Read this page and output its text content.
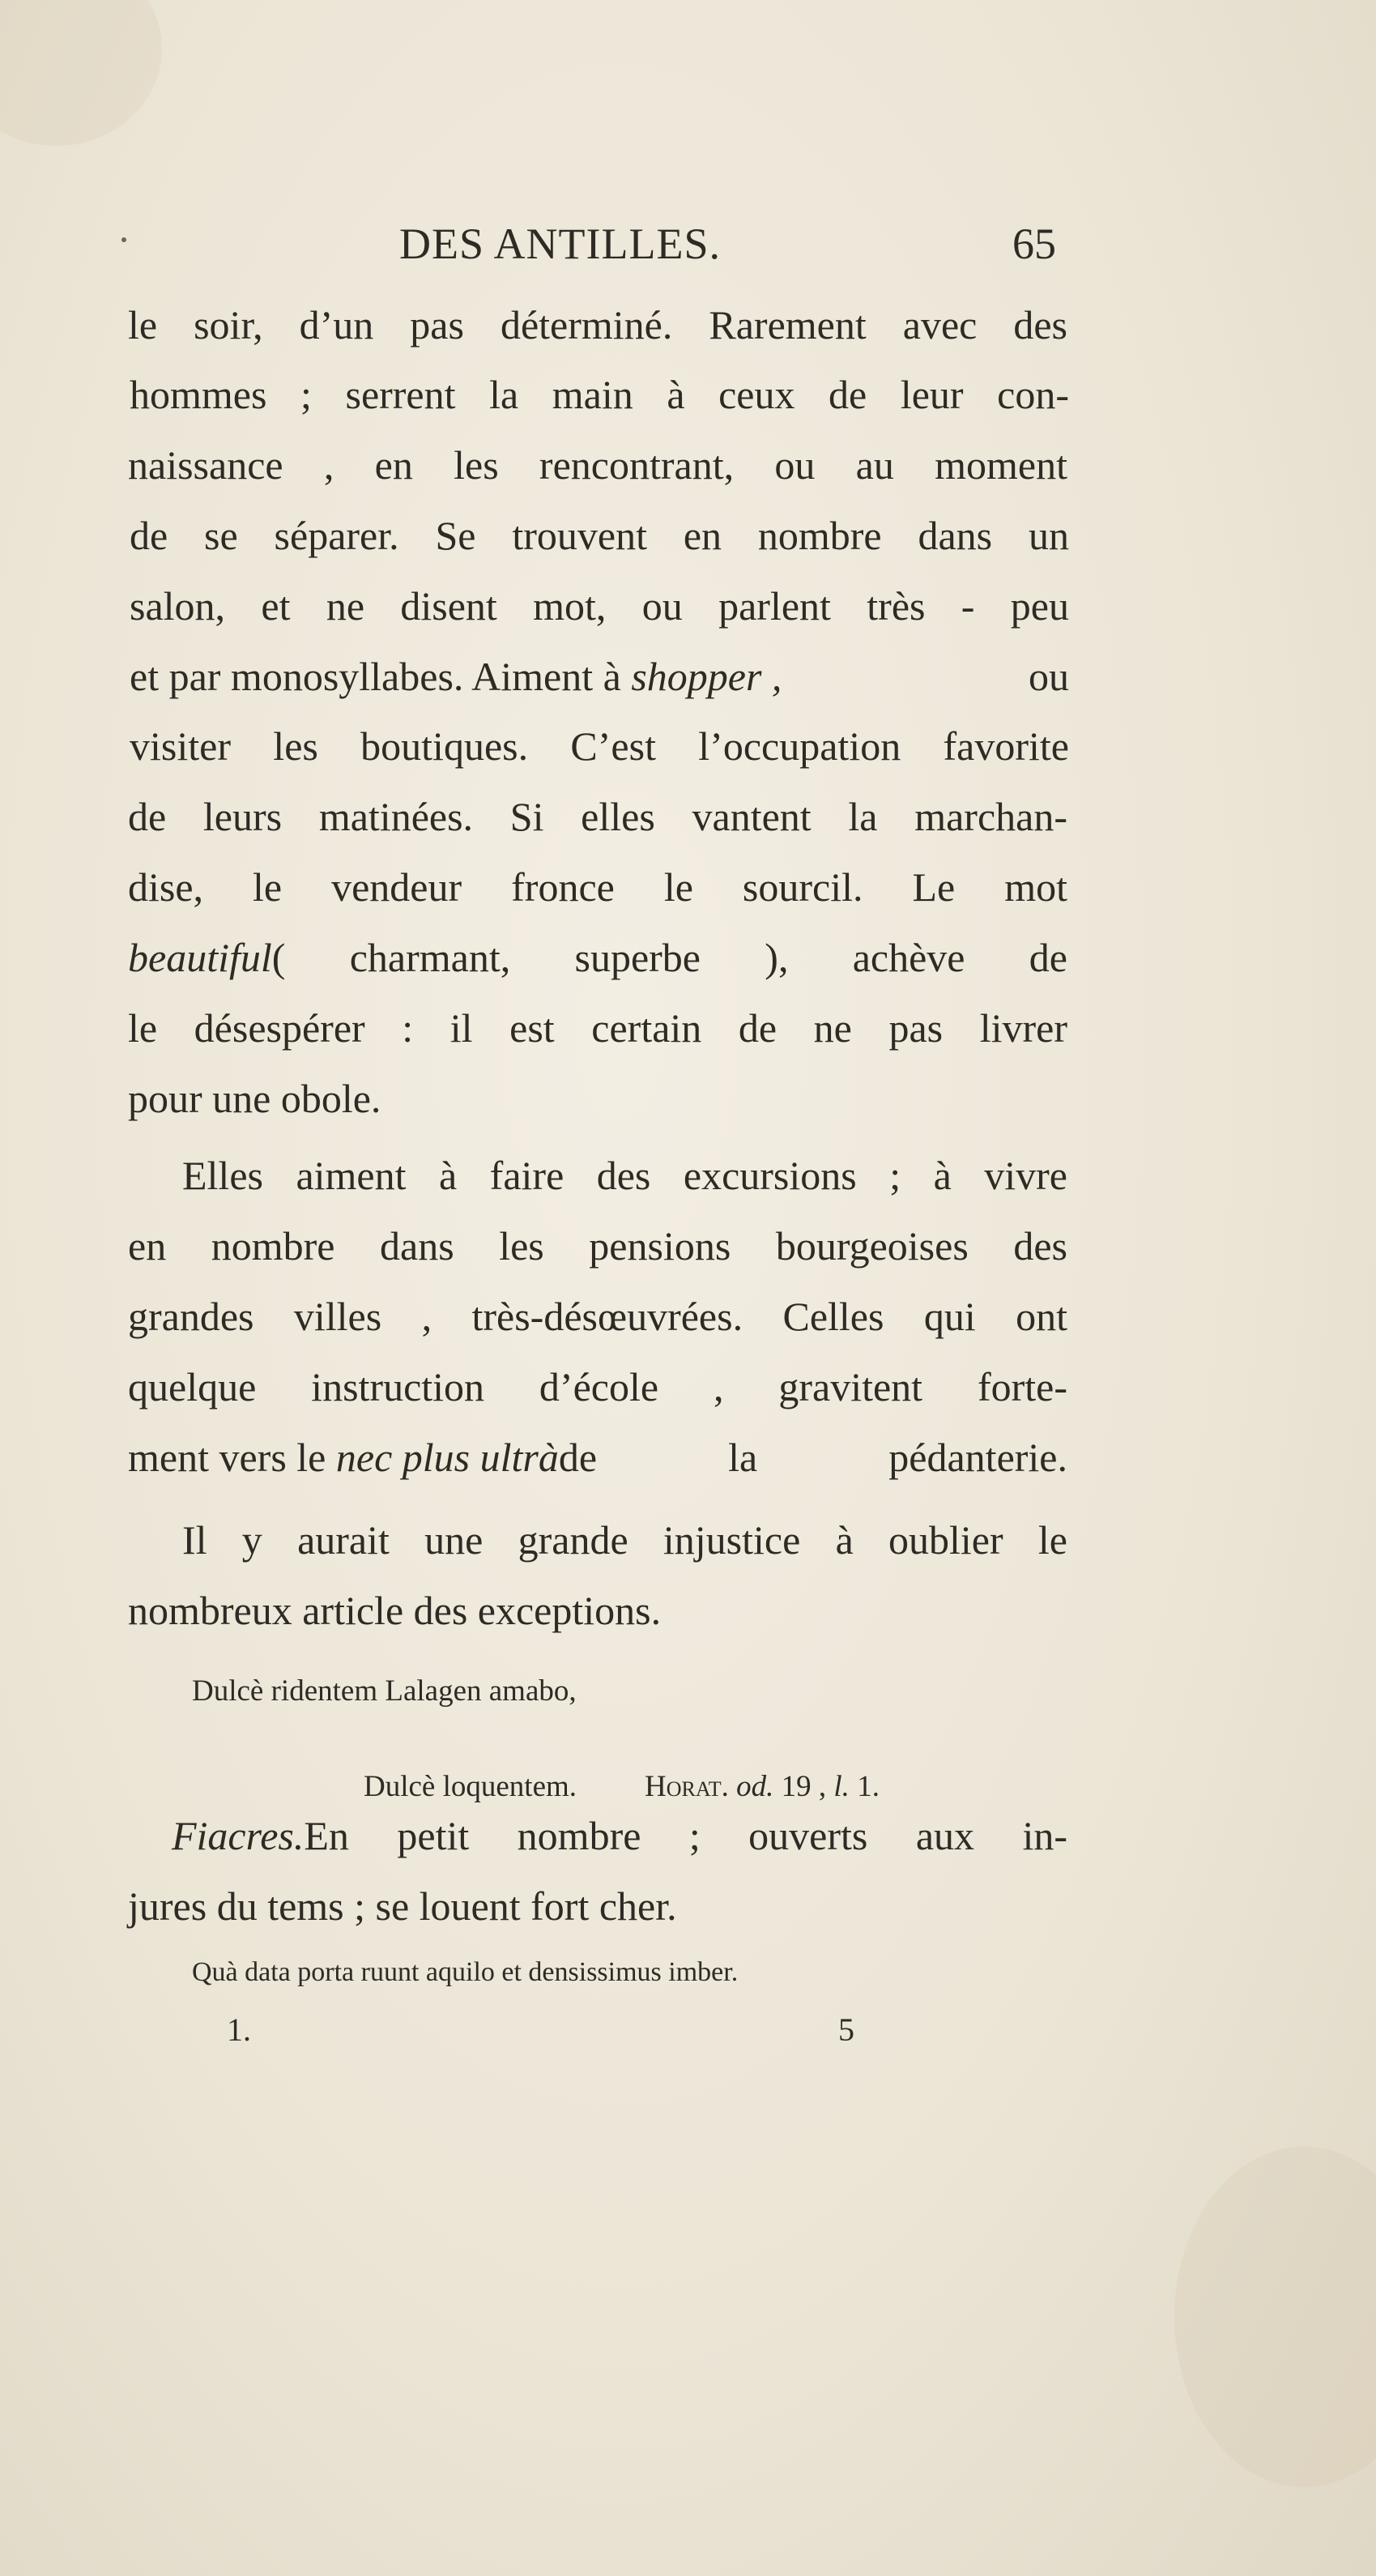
DES ANTILLES.	65
le soir, d’un pas déterminé. Rarement avec des
hommes ; serrent la main à ceux de leur con-
naissance , en les rencontrant, ou au moment
de se séparer. Se trouvent en nombre dans un
salon, et ne disent mot, ou parlent très - peu
et par monosyllabes. Aiment à shopper ,	ou
visiter les boutiques. C’est l’occupation favorite
de leurs matinées. Si elles vantent la marchan-
dise, le vendeur fronce le sourcil. Le mot
beautiful ( charmant, superbe ), achève de
le désespérer : il est certain de ne pas livrer
pour une obole.
Elles aiment à faire des excursions ; à vivre
en nombre dans les pensions bourgeoises des
grandes villes , très-désœuvrées. Celles qui ont
quelque instruction d’école , gravitent forte-
ment vers le nec plus ultrà de la pédanterie.
Il y aurait une grande injustice à oublier le
nombreux article des exceptions.
Dulcè ridentem Lalagen amabo,

Dulcè loquentem. Horat. od. 19 , l. 1.

Fiacres. En petit nombre ; ouverts aux in-
jures du tems ; se louent fort cher.
Quà data porta ruunt aquilo et densissimus imber.
1.	5
